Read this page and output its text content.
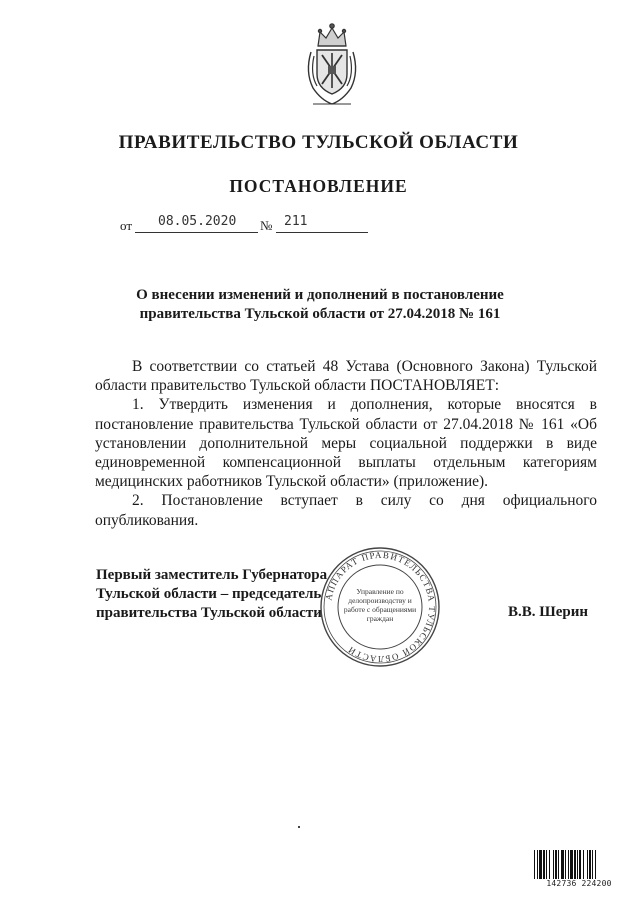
ПРАВИТЕЛЬСТВО ТУЛЬСКОЙ ОБЛАСТИ
ПОСТАНОВЛЕНИЕ
от 08.05.2020 № 211
О внесении изменений и дополнений в постановление
правительства Тульской области от 27.04.2018 № 161

В соответствии со статьей 48 Устава (Основного Закона) Тульской области правительство Тульской области ПОСТАНОВЛЯЕТ:

1. Утвердить изменения и дополнения, которые вносятся в постановление правительства Тульской области от 27.04.2018 № 161 «Об установлении дополнительной меры социальной поддержки в виде единовременной компенсационной выплаты отдельным категориям медицинских работников Тульской области» (приложение).

2. Постановление вступает в силу со дня официального опубликования.

Первый заместитель Губернатора
Тульской области – председатель
правительства Тульской области	В.В. Шерин
АППАРАТ ПРАВИТЕЛЬСТВА ТУЛЬСКОЙ ОБЛАСТИ
Управление по делопроизводству и работе с обращениями граждан
142736 224200
